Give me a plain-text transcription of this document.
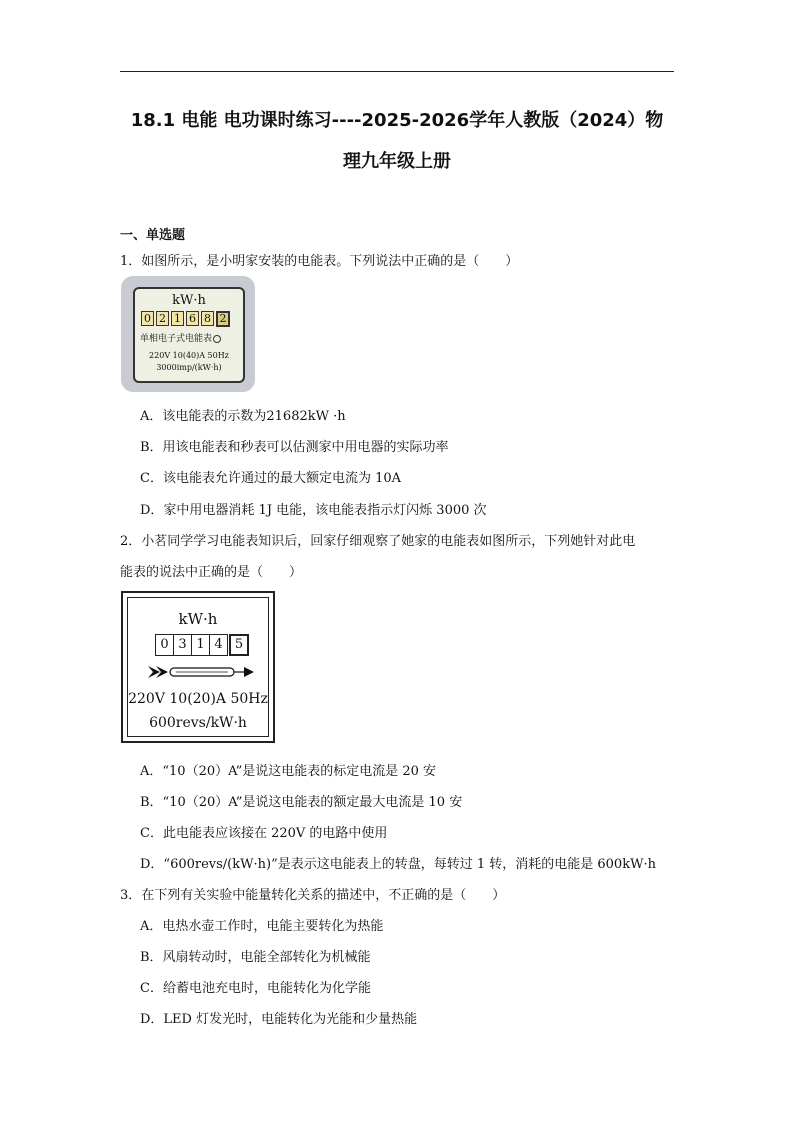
18.1 电能 电功课时练习----2025-2026学年人教版（2024）物
理九年级上册
一、单选题
1．如图所示，是小明家安装的电能表。下列说法中正确的是（　　）
kW·h
0 2 1 6 8 2
单相电子式电能表
220V 10(40)A 50Hz
3000imp/(kW·h)
A．该电能表的示数为21682kW ·h
B．用该电能表和秒表可以估测家中用电器的实际功率
C．该电能表允许通过的最大额定电流为 10A
D．家中用电器消耗 1J 电能，该电能表指示灯闪烁 3000 次
2．小茗同学学习电能表知识后，回家仔细观察了她家的电能表如图所示，下列她针对此电
能表的说法中正确的是（　　）
kW·h
0 3 1 4 5
220V 10(20)A 50Hz
600revs/kW·h
A．“10（20）A”是说这电能表的标定电流是 20 安
B．“10（20）A”是说这电能表的额定最大电流是 10 安
C．此电能表应该接在 220V 的电路中使用
D．“600revs/(kW·h)”是表示这电能表上的转盘，每转过 1 转，消耗的电能是 600kW·h
3．在下列有关实验中能量转化关系的描述中，不正确的是（　　）
A．电热水壶工作时，电能主要转化为热能
B．风扇转动时，电能全部转化为机械能
C．给蓄电池充电时，电能转化为化学能
D．LED 灯发光时，电能转化为光能和少量热能
